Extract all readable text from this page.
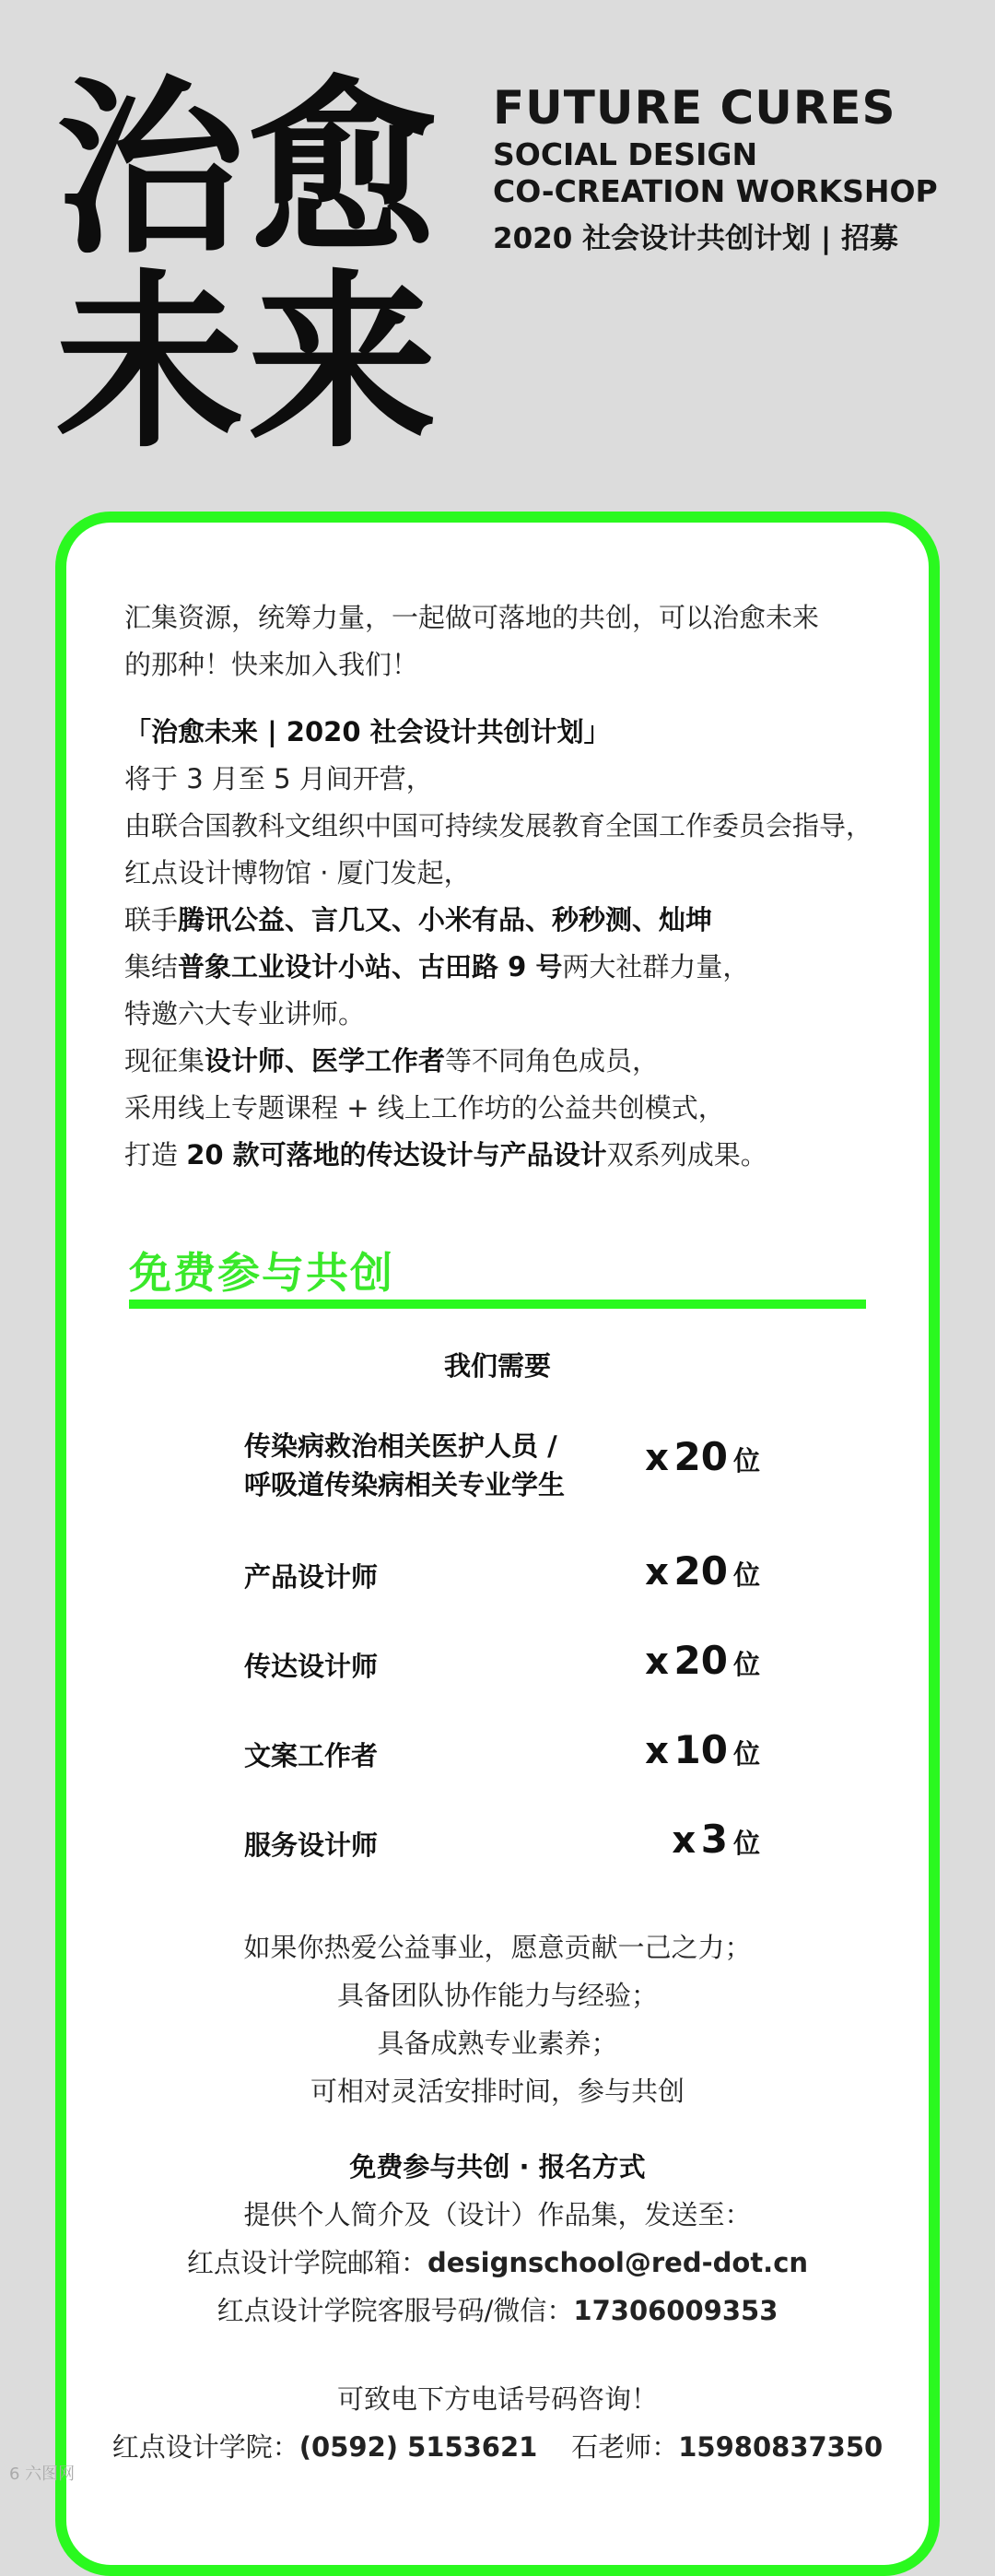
治愈
未来
FUTURE CURES
SOCIAL DESIGN
CO-CREATION WORKSHOP
2020 社会设计共创计划 | 招募

汇集资源，统筹力量，一起做可落地的共创，可以治愈未来

的那种！快来加入我们！

「治愈未来 | 2020 社会设计共创计划」

将于 3 月至 5 月间开营，

由联合国教科文组织中国可持续发展教育全国工作委员会指导，

红点设计博物馆 · 厦门发起，

联手腾讯公益、言几又、小米有品、秒秒测、灿坤

集结普象工业设计小站、古田路 9 号两大社群力量，

特邀六大专业讲师。

现征集设计师、医学工作者等不同角色成员，

采用线上专题课程 + 线上工作坊的公益共创模式，

打造 20 款可落地的传达设计与产品设计双系列成果。

免费参与共创
我们需要
传染病救治相关医护人员 /
呼吸道传染病相关专业学生
x 20 位
产品设计师	x 20 位
传达设计师	x 20 位
文案工作者	x 10 位
服务设计师	x 3 位

如果你热爱公益事业，愿意贡献一己之力；

具备团队协作能力与经验；

具备成熟专业素养；

可相对灵活安排时间，参与共创

免费参与共创 · 报名方式

提供个人简介及（设计）作品集，发送至：

红点设计学院邮箱：designschool@red-dot.cn

红点设计学院客服号码/微信：17306009353

可致电下方电话号码咨询！

红点设计学院：(0592) 5153621 石老师：15980837350

6 六图网
